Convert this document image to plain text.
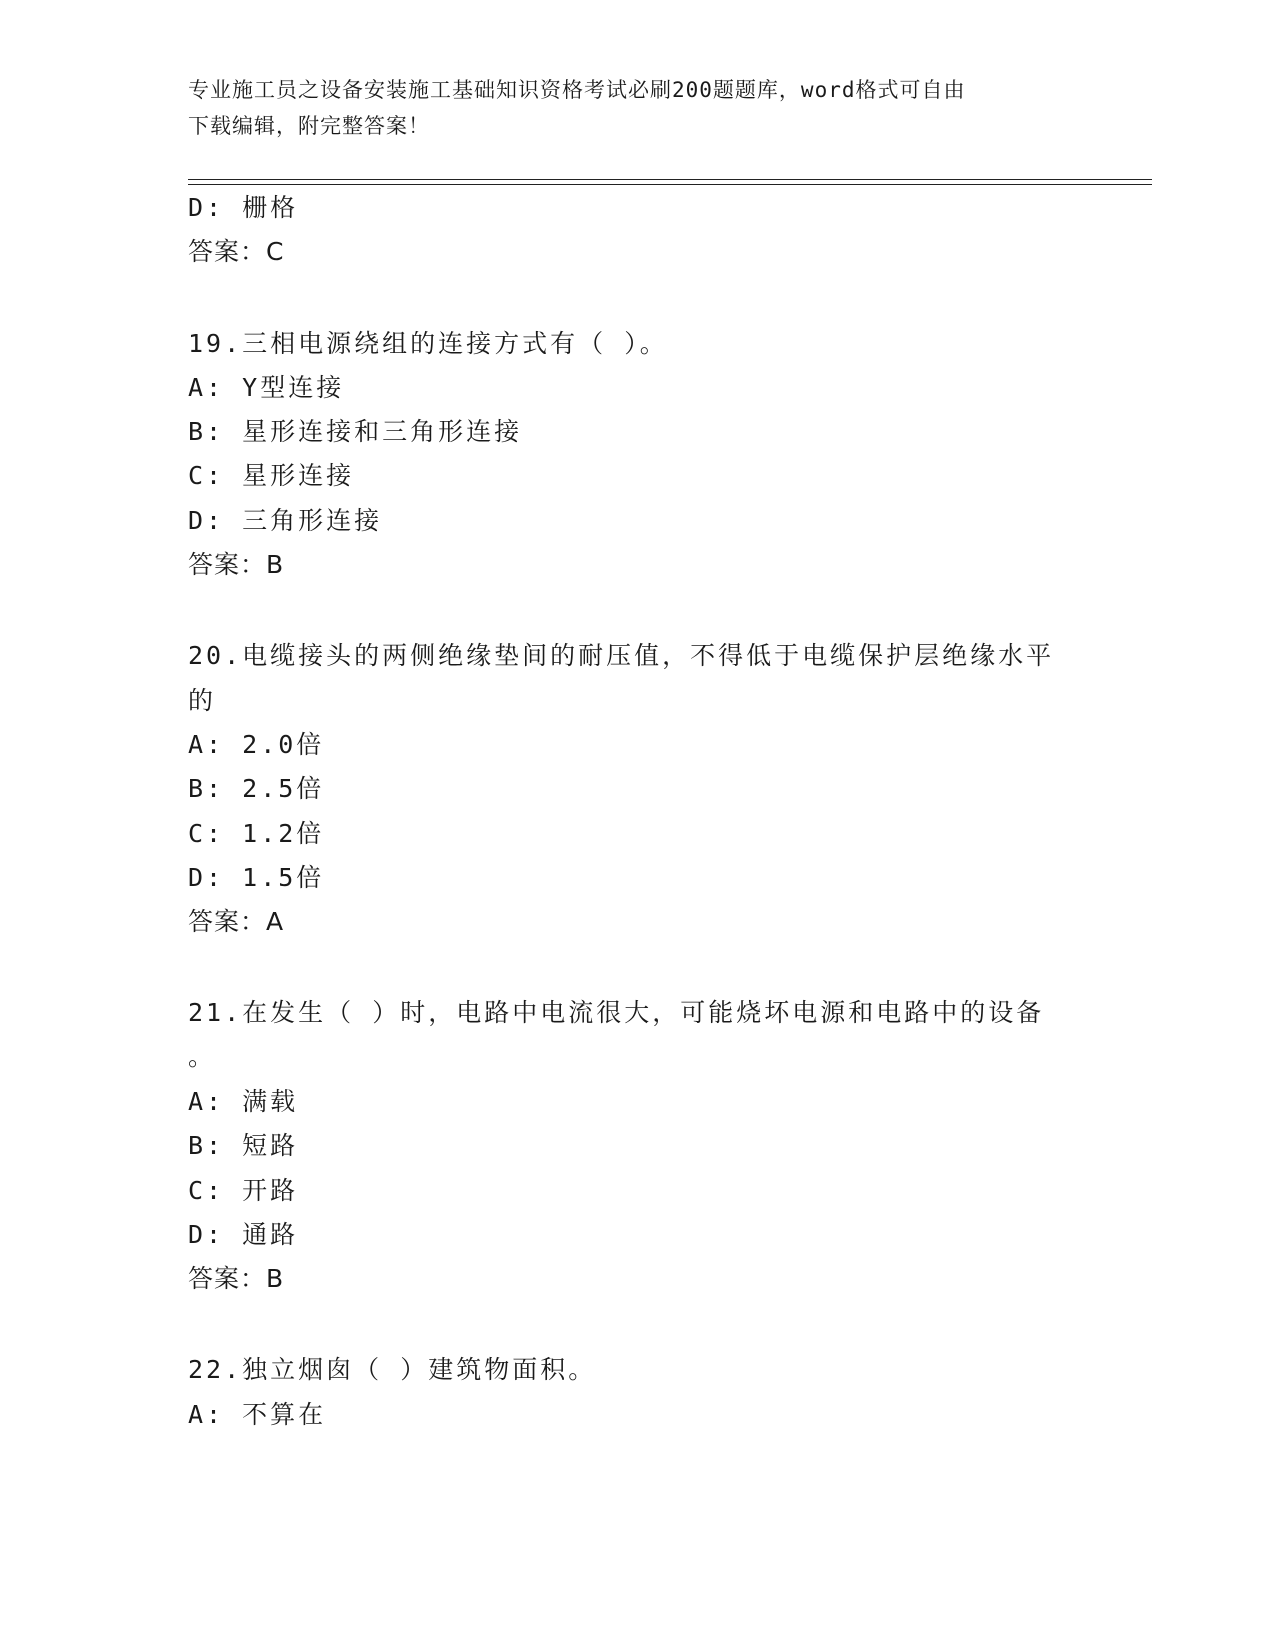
专业施工员之设备安装施工基础知识资格考试必刷200题题库，word格式可自由
下载编辑，附完整答案！
D: 栅格
答案：C
19.三相电源绕组的连接方式有（ ）。
A: Y型连接
B: 星形连接和三角形连接
C: 星形连接
D: 三角形连接
答案：B
20.电缆接头的两侧绝缘垫间的耐压值，不得低于电缆保护层绝缘水平
的
A: 2.0倍
B: 2.5倍
C: 1.2倍
D: 1.5倍
答案：A
21.在发生（ ）时，电路中电流很大，可能烧坏电源和电路中的设备
。
A: 满载
B: 短路
C: 开路
D: 通路
答案：B
22.独立烟囱（ ）建筑物面积。
A: 不算在
